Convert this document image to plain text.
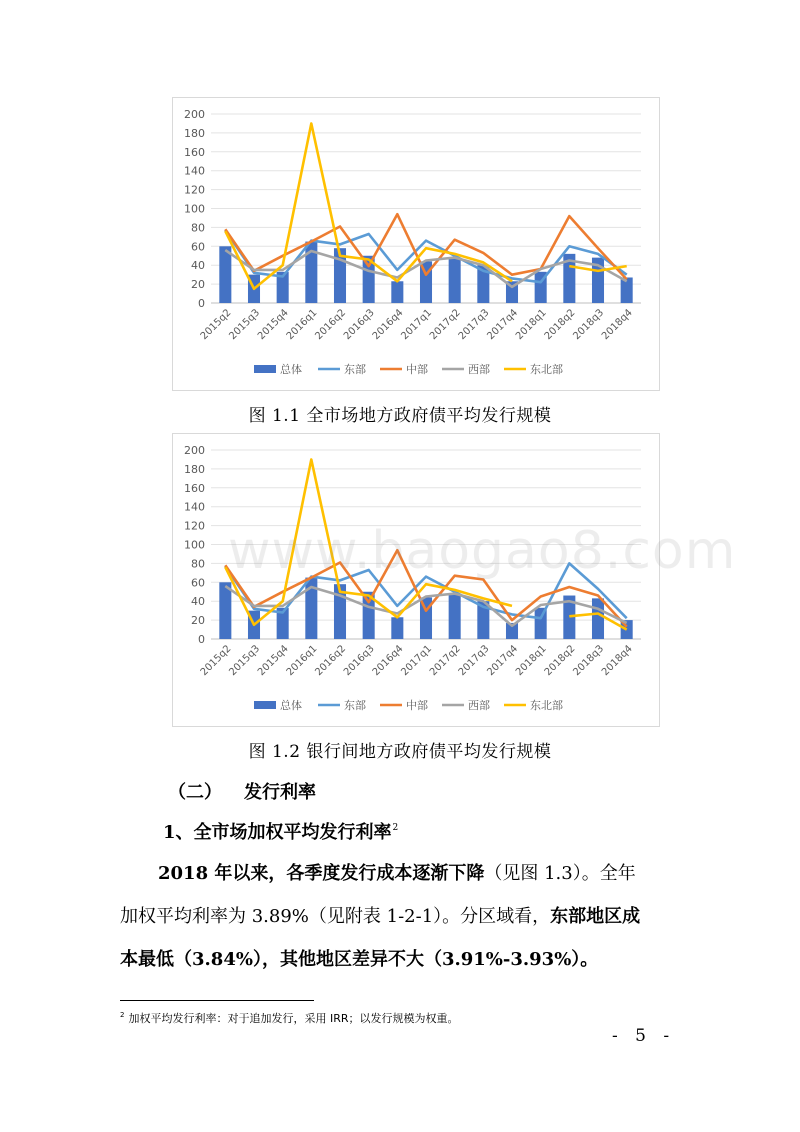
0
20
40
60
80
100
120
140
160
180
200
2015q2
2015q3
2015q4
2016q1
2016q2
2016q3
2016q4
2017q1
2017q2
2017q3
2017q4
2018q1
2018q2
2018q3
2018q4
总体	东部	中部	西部	东北部
图 1.1 全市场地方政府债平均发行规模
0
20
40
60
80
100
120
140
160
180
200
2015q2
2015q3
2015q4
2016q1
2016q2
2016q3
2016q4
2017q1
2017q2
2017q3
2017q4
2018q1
2018q2
2018q3
2018q4
总体	东部	中部	西部	东北部
图 1.2 银行间地方政府债平均发行规模
（二） 发行利率
1、全市场加权平均发行利率$^2$
2018 年以来，各季度发行成本逐渐下降（见图 1.3）。全年
加权平均利率为 3.89%（见附表 1-2-1）。分区域看，东部地区成
本最低（3.84%），其他地区差异不大（3.91%-3.93%）。
$^2$ 加权平均发行利率：对于追加发行，采用 IRR；以发行规模为权重。
- 5 -
